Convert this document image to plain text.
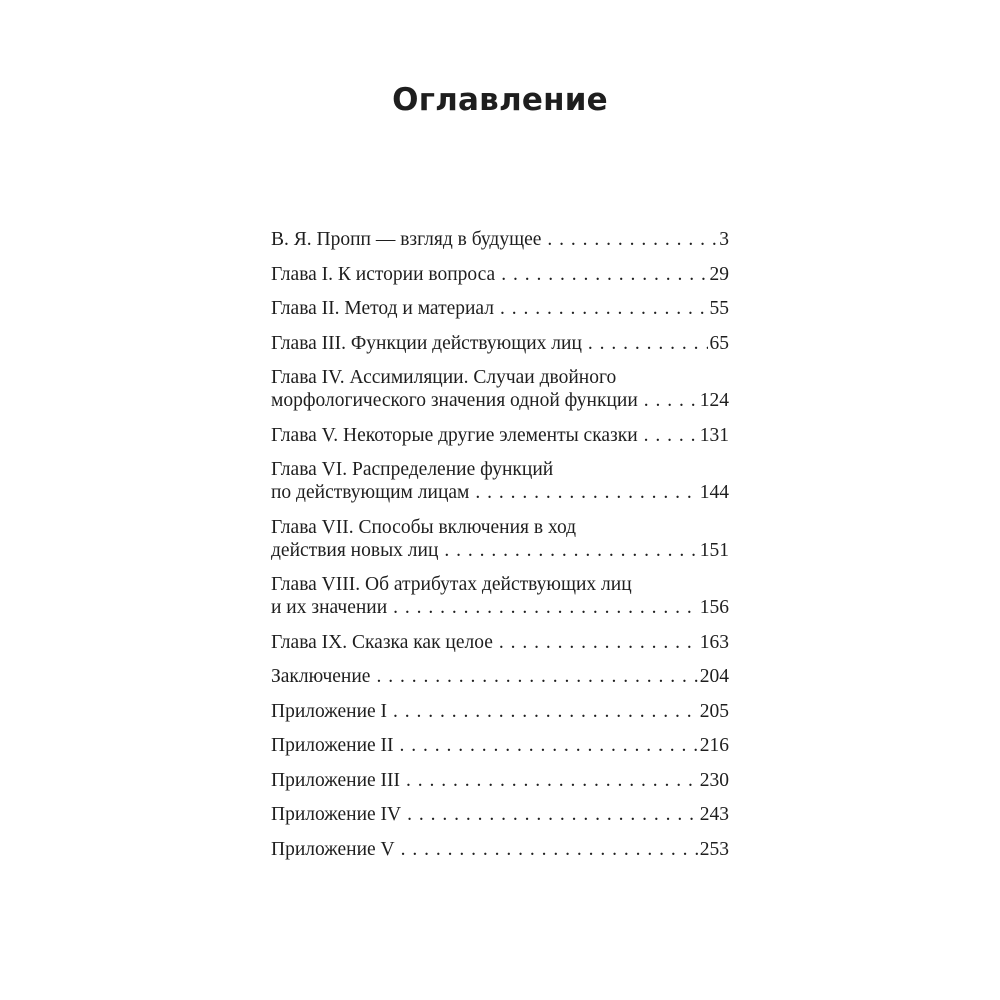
Оглавление
В. Я. Пропп — взгляд в будущее . . .	3
Глава I. К истории вопроса . . .	29
Глава II. Метод и материал . . .	55
Глава III. Функции действующих лиц . . .	65
Глава IV. Ассимиляции. Случаи двойного
морфологического значения одной функции . . .	124
Глава V. Некоторые другие элементы сказки . . .	131
Глава VI. Распределение функций
по действующим лицам . . .	144
Глава VII. Способы включения в ход
действия новых лиц . . .	151
Глава VIII. Об атрибутах действующих лиц
и их значении . . .	156
Глава IX. Сказка как целое . . .	163
Заключение . . .	204
Приложение I . . .	205
Приложение II . . .	216
Приложение III . . .	230
Приложение IV . . .	243
Приложение V . . .	253
